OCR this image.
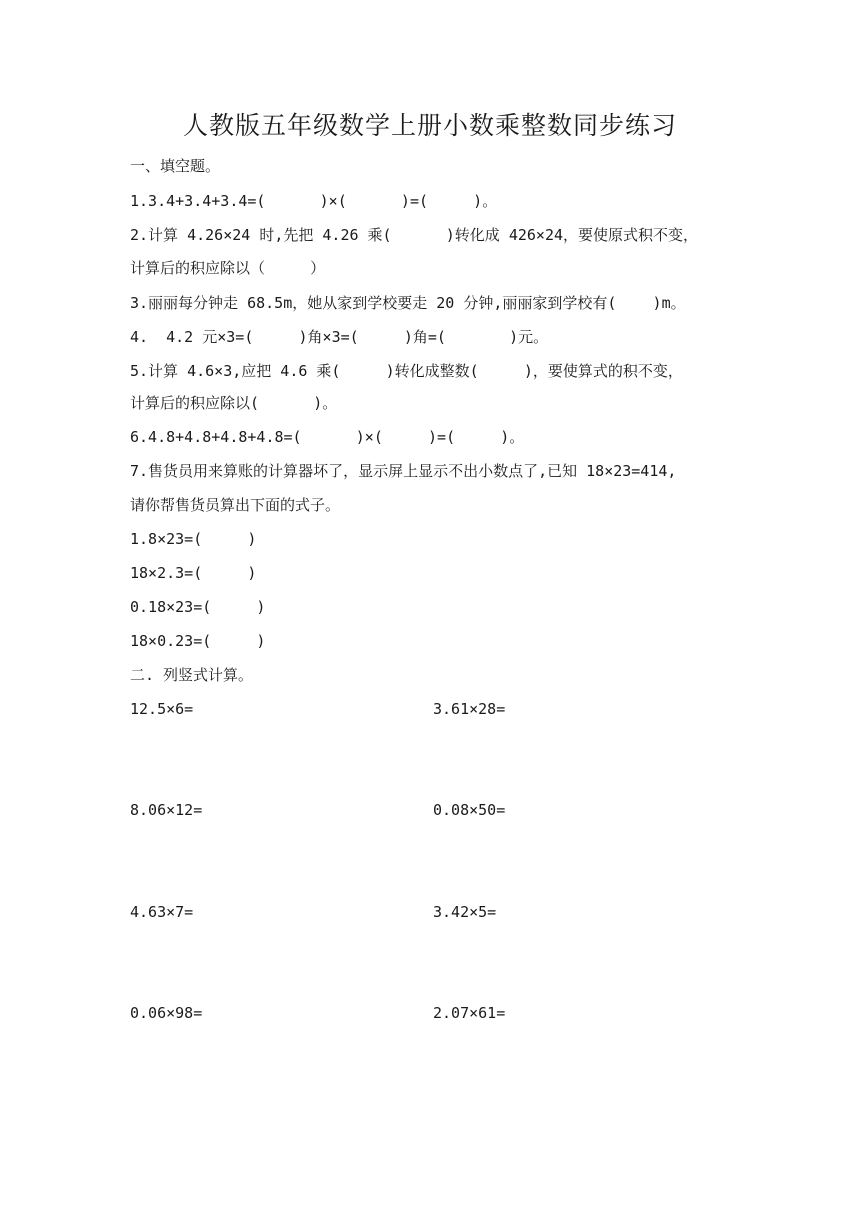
人教版五年级数学上册小数乘整数同步练习
一、填空题。
1.3.4+3.4+3.4=(      )×(      )=(     )。
2.计算 4.26×24 时,先把 4.26 乘(      )转化成 426×24，要使原式积不变，
计算后的积应除以（     ）
3.丽丽每分钟走 68.5m，她从家到学校要走 20 分钟,丽丽家到学校有(    )m。
4.  4.2 元×3=(     )角×3=(     )角=(       )元。
5.计算 4.6×3,应把 4.6 乘(     )转化成整数(     )，要使算式的积不变，
计算后的积应除以(      )。
6.4.8+4.8+4.8+4.8=(      )×(     )=(     )。
7.售货员用来算账的计算器坏了，显示屏上显示不出小数点了,已知 18×23=414,
请你帮售货员算出下面的式子。
1.8×23=(     )
18×2.3=(     )
0.18×23=(     )
18×0.23=(     )
二. 列竖式计算。
12.5×6=	3.61×28=
8.06×12=	0.08×50=
4.63×7=	3.42×5=
0.06×98=	2.07×61=
